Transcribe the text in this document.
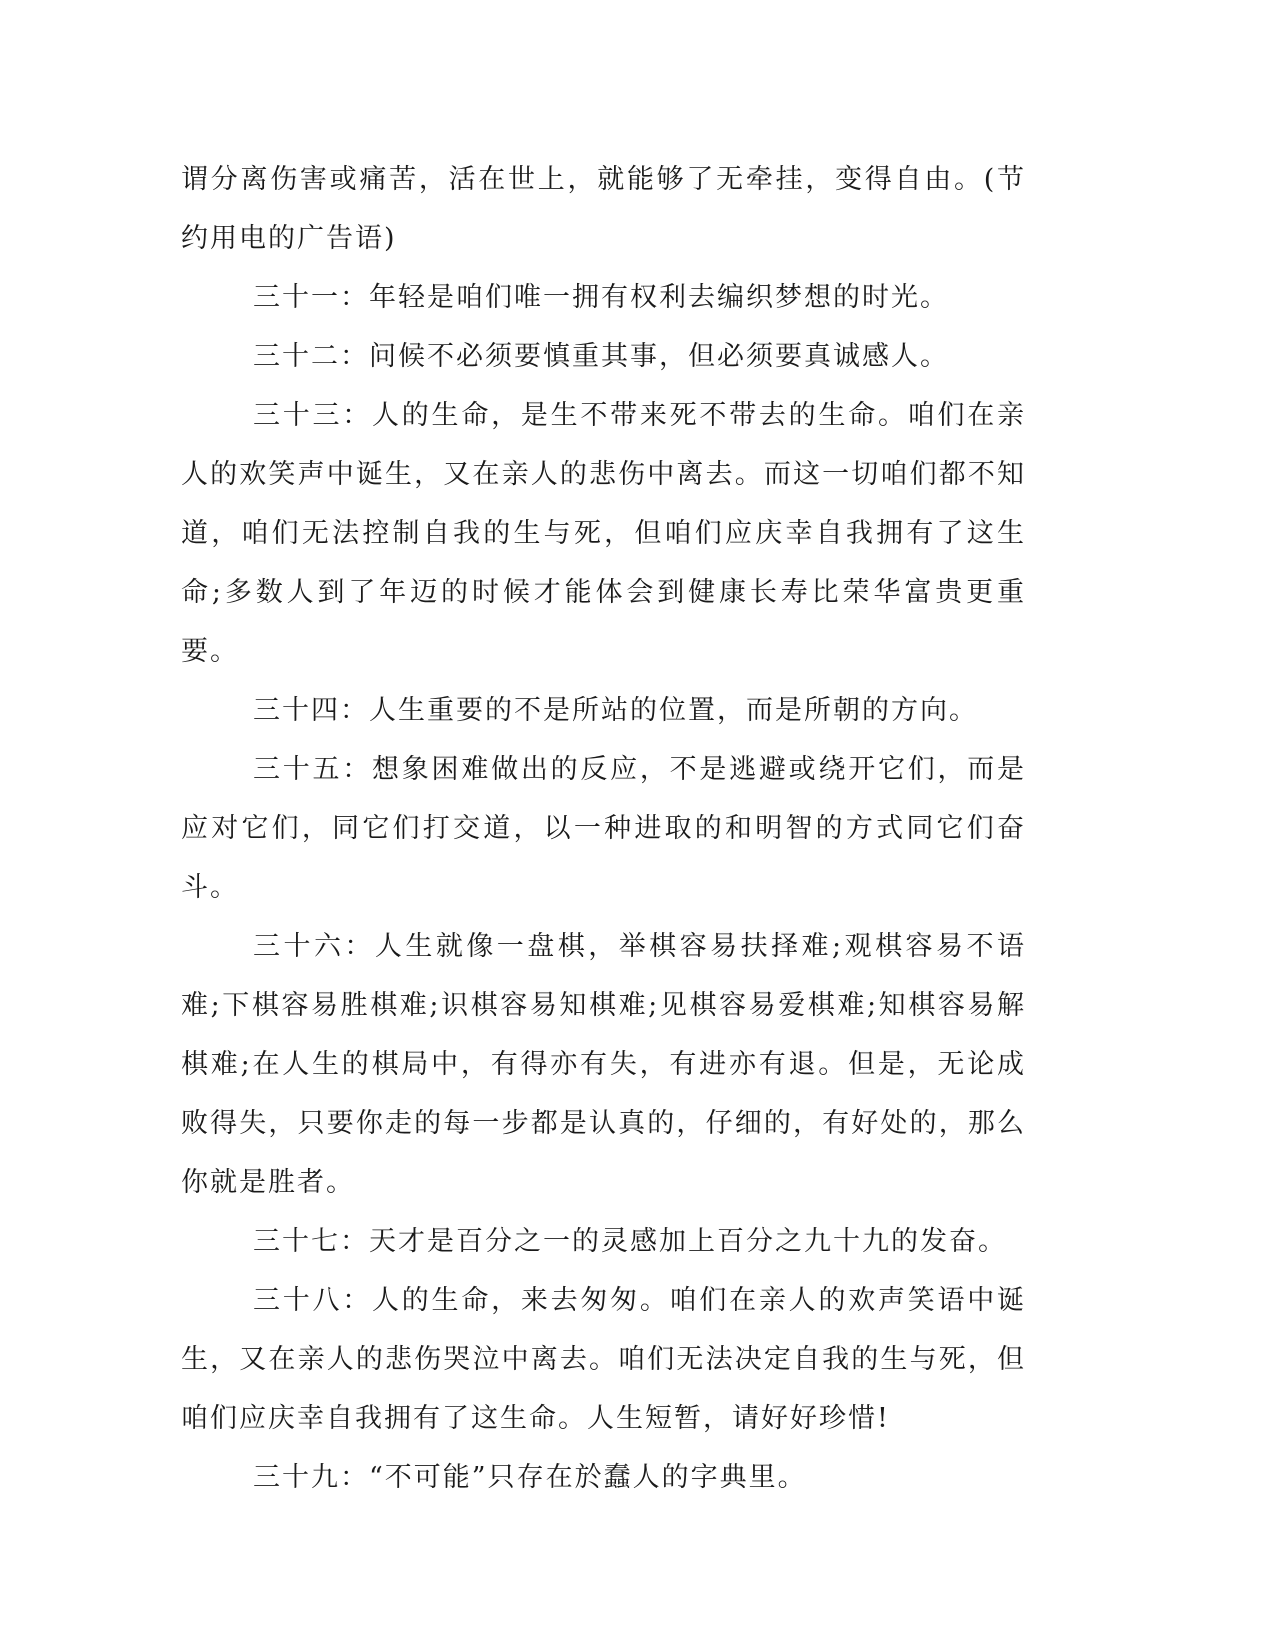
谓分离伤害或痛苦，活在世上，就能够了无牵挂，变得自由。(节约用电的广告语)

三十一：年轻是咱们唯一拥有权利去编织梦想的时光。

三十二：问候不必须要慎重其事，但必须要真诚感人。

三十三：人的生命，是生不带来死不带去的生命。咱们在亲人的欢笑声中诞生，又在亲人的悲伤中离去。而这一切咱们都不知道，咱们无法控制自我的生与死，但咱们应庆幸自我拥有了这生命;多数人到了年迈的时候才能体会到健康长寿比荣华富贵更重要。

三十四：人生重要的不是所站的位置，而是所朝的方向。

三十五：想象困难做出的反应，不是逃避或绕开它们，而是应对它们，同它们打交道，以一种进取的和明智的方式同它们奋斗。

三十六：人生就像一盘棋，举棋容易扶择难;观棋容易不语难;下棋容易胜棋难;识棋容易知棋难;见棋容易爱棋难;知棋容易解棋难;在人生的棋局中，有得亦有失，有进亦有退。但是，无论成败得失，只要你走的每一步都是认真的，仔细的，有好处的，那么你就是胜者。

三十七：天才是百分之一的灵感加上百分之九十九的发奋。

三十八：人的生命，来去匆匆。咱们在亲人的欢声笑语中诞生，又在亲人的悲伤哭泣中离去。咱们无法决定自我的生与死，但咱们应庆幸自我拥有了这生命。人生短暂，请好好珍惜!

三十九：“不可能”只存在於蠢人的字典里。
